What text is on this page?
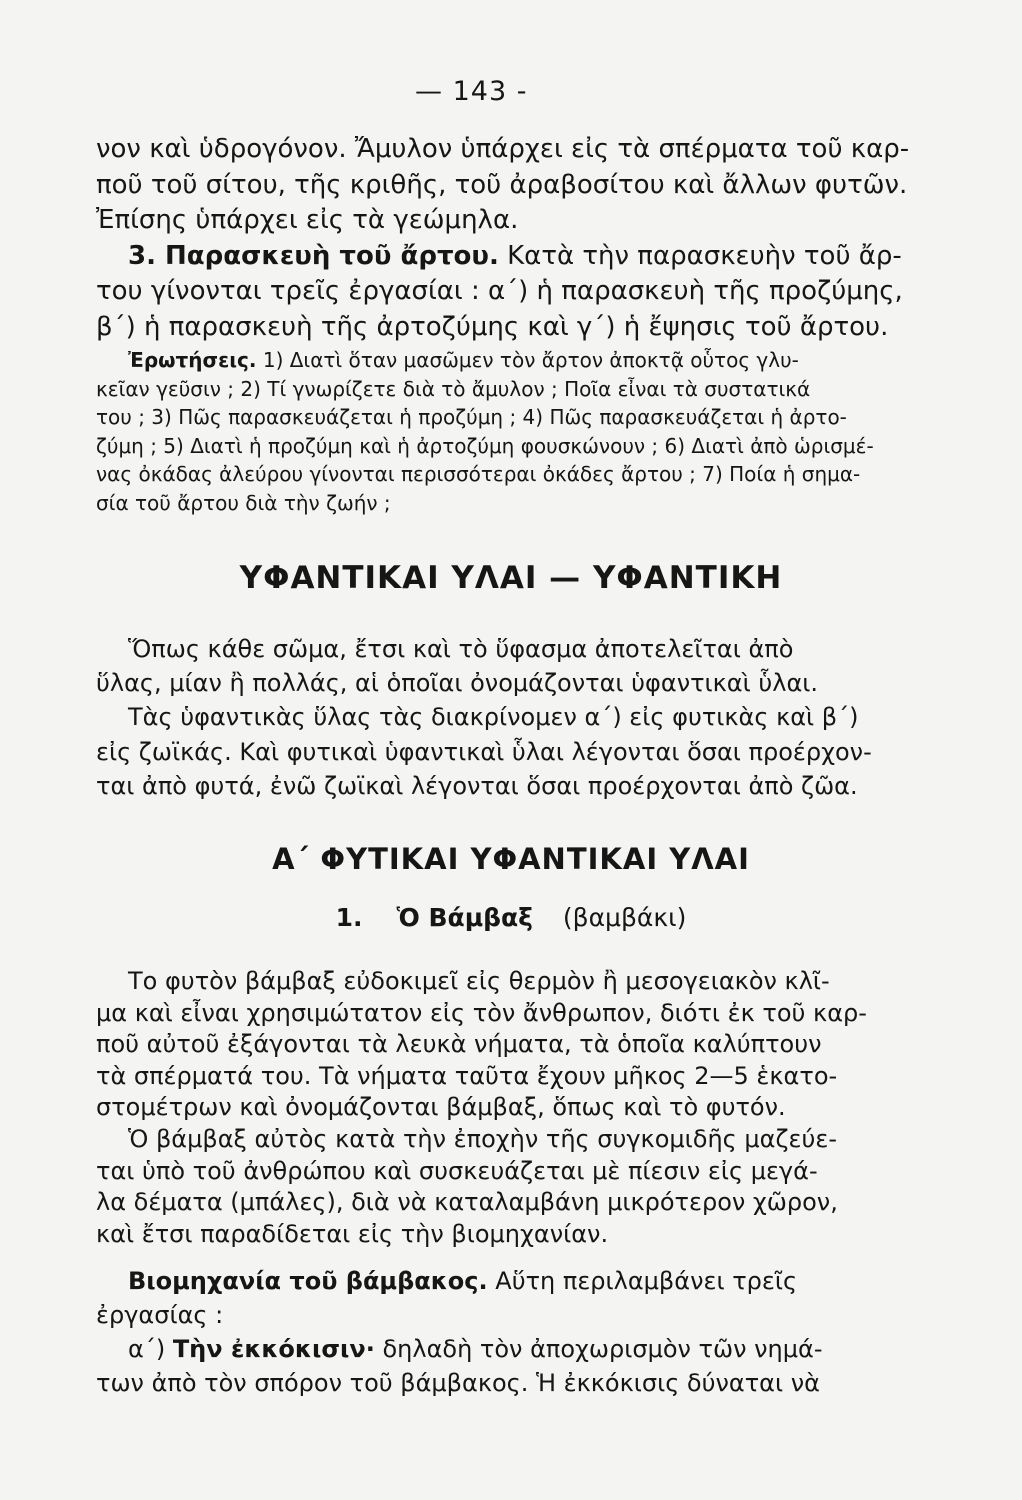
— 143 -
νον καὶ ὑδρογόνον. Ἄμυλον ὑπάρχει εἰς τὰ σπέρματα τοῦ καρ-
ποῦ τοῦ σίτου, τῆς κριθῆς, τοῦ ἀραβοσίτου καὶ ἄλλων φυτῶν.
Ἐπίσης ὑπάρχει εἰς τὰ γεώμηλα.
3. Παρασκευὴ τοῦ ἄρτου. Κατὰ τὴν παρασκευὴν τοῦ ἄρ-
του γίνονται τρεῖς ἐργασίαι : α΄) ἡ παρασκευὴ τῆς προζύμης,
β΄) ἡ παρασκευὴ τῆς ἀρτοζύμης καὶ γ΄) ἡ ἔψησις τοῦ ἄρτου.
Ἐρωτήσεις. 1) Διατὶ ὅταν μασῶμεν τὸν ἄρτον ἀποκτᾷ οὗτος γλυ-
κεῖαν γεῦσιν ; 2) Τί γνωρίζετε διὰ τὸ ἄμυλον ; Ποῖα εἶναι τὰ συστατικά
του ; 3) Πῶς παρασκευάζεται ἡ προζύμη ; 4) Πῶς παρασκευάζεται ἡ ἀρτο-
ζύμη ; 5) Διατὶ ἡ προζύμη καὶ ἡ ἀρτοζύμη φουσκώνουν ; 6) Διατὶ ἀπὸ ὡρισμέ-
νας ὀκάδας ἀλεύρου γίνονται περισσότεραι ὀκάδες ἄρτου ; 7) Ποία ἡ σημα-
σία τοῦ ἄρτου διὰ τὴν ζωήν ;
ΥΦΑΝΤΙΚΑΙ ΥΛΑΙ — ΥΦΑΝΤΙΚΗ
Ὅπως κάθε σῶμα, ἔτσι καὶ τὸ ὕφασμα ἀποτελεῖται ἀπὸ
ὕλας, μίαν ἢ πολλάς, αἱ ὁποῖαι ὀνομάζονται ὑφαντικαὶ ὗλαι.
Τὰς ὑφαντικὰς ὕλας τὰς διακρίνομεν α΄) εἰς φυτικὰς καὶ β΄)
εἰς ζωϊκάς. Καὶ φυτικαὶ ὑφαντικαὶ ὗλαι λέγονται ὅσαι προέρχον-
ται ἀπὸ φυτά, ἐνῶ ζωϊκαὶ λέγονται ὅσαι προέρχονται ἀπὸ ζῶα.
Α΄ ΦΥΤΙΚΑΙ ΥΦΑΝΤΙΚΑΙ ΥΛΑΙ
1. Ὁ Βάμβαξ (βαμβάκι)
Το φυτὸν βάμβαξ εὐδοκιμεῖ εἰς θερμὸν ἢ μεσογειακὸν κλῖ-
μα καὶ εἶναι χρησιμώτατον εἰς τὸν ἄνθρωπον, διότι ἐκ τοῦ καρ-
ποῦ αὐτοῦ ἐξάγονται τὰ λευκὰ νήματα, τὰ ὁποῖα καλύπτουν
τὰ σπέρματά του. Τὰ νήματα ταῦτα ἔχουν μῆκος 2—5 ἑκατο-
στομέτρων καὶ ὀνομάζονται βάμβαξ, ὅπως καὶ τὸ φυτόν.
Ὁ βάμβαξ αὐτὸς κατὰ τὴν ἐποχὴν τῆς συγκομιδῆς μαζεύε-
ται ὑπὸ τοῦ ἀνθρώπου καὶ συσκευάζεται μὲ πίεσιν εἰς μεγά-
λα δέματα (μπάλες), διὰ νὰ καταλαμβάνη μικρότερον χῶρον,
καὶ ἔτσι παραδίδεται εἰς τὴν βιομηχανίαν.
Βιομηχανία τοῦ βάμβακος. Αὕτη περιλαμβάνει τρεῖς
ἐργασίας :
α΄) Τὴν ἐκκόκισιν· δηλαδὴ τὸν ἀποχωρισμὸν τῶν νημά-
των ἀπὸ τὸν σπόρον τοῦ βάμβακος. Ἡ ἐκκόκισις δύναται νὰ
